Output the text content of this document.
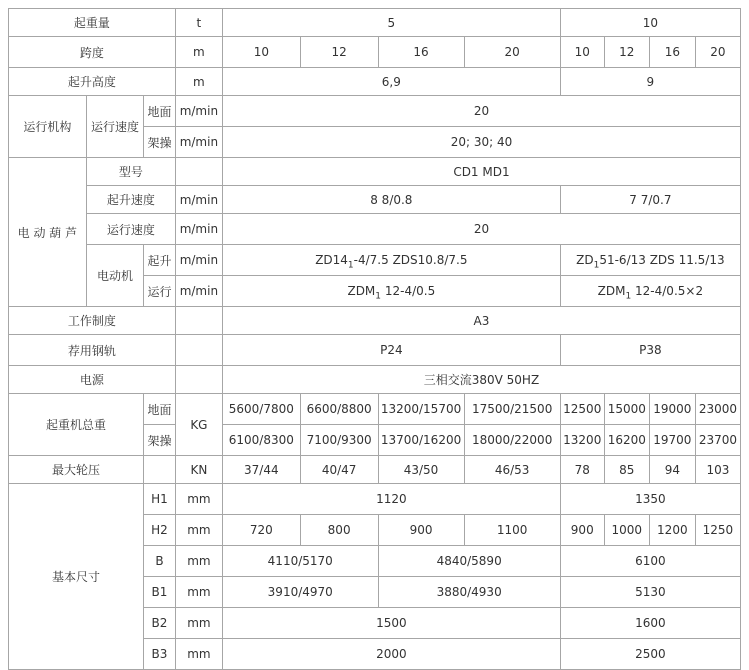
起重量			t	5				10			
跨度			m	10	12	16	20	10	12	16	20
起升高度			m	6,9				9			
运行机构	运行速度	地面	m/min	20							
		架操	m/min	20; 30; 40							
电 动 葫 芦	型号			CD1 MD1							
	起升速度		m/min	8 8/0.8				7 7/0.7			
	运行速度		m/min	20							
	电动机	起升	m/min	$ZD14_1-4/7.5$ ZDS10.8/7.5				$ZD_151-6/13$ ZDS 11.5/13			
		运行	m/min	$ZDM_1$ 12-4/0.5				$ZDM_1$ 12-4/0.5×2			
工作制度				A3							
荐用钢轨				P24				P38			
电源				三相交流380V 50HZ							
起重机总重		地面	KG	5600/7800	6600/8800	13200/15700	17500/21500	12500	15000	19000	23000
		架操		6100/8300	7100/9300	13700/16200	18000/22000	13200	16200	19700	23700
最大轮压			KN	37/44	40/47	43/50	46/53	78	85	94	103
基本尺寸		H1	mm	1120				1350			
		H2	mm	720	800	900	1100	900	1000	1200	1250
		B	mm	4110/5170		4840/5890		6100			
		B1	mm	3910/4970		3880/4930		5130			
		B2	mm	1500				1600			
		B3	mm	2000				2500			
